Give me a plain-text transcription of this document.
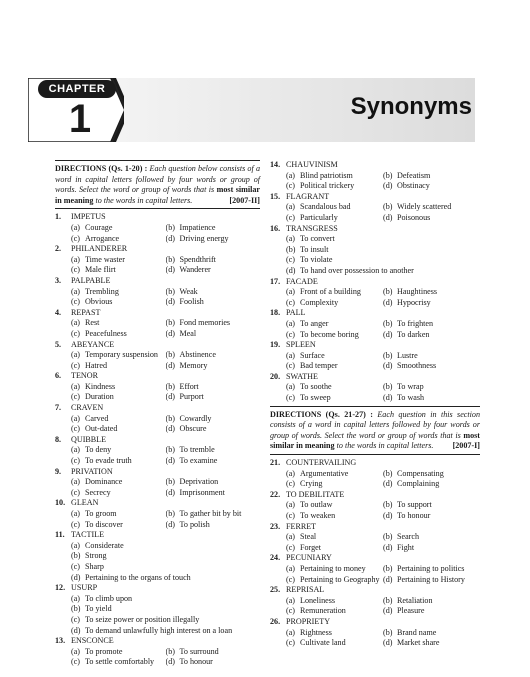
CHAPTER
1	Synonyms
DIRECTIONS (Qs. 1-20) : Each question below consists of a word in capital letters followed by four words or group of words. Select the word or group of words that is most similar in meaning to the words in capital letters.	[2007-II]
1.	IMPETUS
(a) Courage	(b) Impatience
(c) Arrogance	(d) Driving energy
2.	PHILANDERER
(a) Time waster	(b) Spendthrift
(c) Male flirt	(d) Wanderer
3.	PALPABLE
(a) Trembling	(b) Weak
(c) Obvious	(d) Foolish
4.	REPAST
(a) Rest	(b) Fond memories
(c) Peacefulness	(d) Meal
5.	ABEYANCE
(a) Temporary suspension (b) Abstinence
(c) Hatred	(d) Memory
6.	TENOR
(a) Kindness	(b) Effort
(c) Duration	(d) Purport
7.	CRAVEN
(a) Carved	(b) Cowardly
(c) Out-dated	(d) Obscure
8.	QUIBBLE
(a) To deny	(b) To tremble
(c) To evade truth	(d) To examine
9.	PRIVATION
(a) Dominance	(b) Deprivation
(c) Secrecy	(d) Imprisonment
10. GLEAN
(a) To groom	(b) To gather bit by bit
(c) To discover	(d) To polish
11. TACTILE
(a) Considerate
(b) Strong
(c) Sharp
(d) Pertaining to the organs of touch
12. USURP
(a) To climb upon
(b) To yield
(c) To seize power or position illegally
(d) To demand unlawfully high interest on a loan
13. ENSCONCE
(a) To promote	(b) To surround
(c) To settle comfortably	(d) To honour
14. CHAUVINISM
(a) Blind patriotism	(b) Defeatism
(c) Political trickery	(d) Obstinacy
15. FLAGRANT
(a) Scandalous bad	(b) Widely scattered
(c) Particularly	(d) Poisonous
16. TRANSGRESS
(a) To convert
(b) To insult
(c) To violate
(d) To hand over possession to another
17. FACADE
(a) Front of a building	(b) Haughtiness
(c) Complexity	(d) Hypocrisy
18. PALL
(a) To anger	(b) To frighten
(c) To become boring	(d) To darken
19. SPLEEN
(a) Surface	(b) Lustre
(c) Bad temper	(d) Smoothness
20. SWATHE
(a) To soothe	(b) To wrap
(c) To sweep	(d) To wash
DIRECTIONS (Qs. 21-27) : Each question in this section consists of a word in capital letters followed by four words or group of words. Select the word or group of words that is most similar in meaning to the words in capital letters. [2007-I]
21. COUNTERVAILING
(a) Argumentative	(b) Compensating
(c) Crying	(d) Complaining
22. TO DEBILITATE
(a) To outlaw	(b) To support
(c) To weaken	(d) To honour
23. FERRET
(a) Steal	(b) Search
(c) Forget	(d) Fight
24. PECUNIARY
(a) Pertaining to money	(b) Pertaining to politics
(c) Pertaining to Geography (d) Pertaining to History
25. REPRISAL
(a) Loneliness	(b) Retaliation
(c) Remuneration	(d) Pleasure
26. PROPRIETY
(a) Rightness	(b) Brand name
(c) Cultivate land	(d) Market share
